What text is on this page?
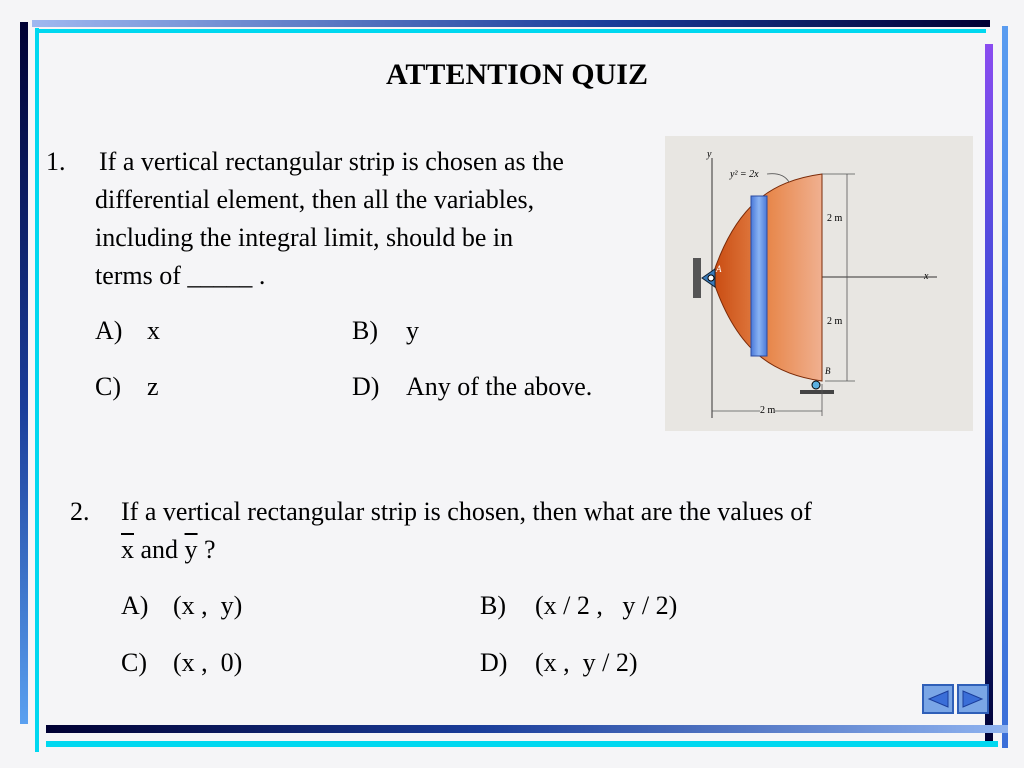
ATTENTION QUIZ
1. If a vertical rectangular strip is chosen as the
differential element, then all the variables,
including the integral limit, should be in
terms of _____ .
A) x	B) y
C) z	D) Any of the above.
y² = 2x
y
x
A
B
2 m
2 m
2 m
2. If a vertical rectangular strip is chosen, then what are the values of
$\overline{x}$ and $\overline{y}$ ?
A) (x ,  y)	B) (x / 2 ,   y / 2)
C) (x ,  0)	D) (x ,  y / 2)
